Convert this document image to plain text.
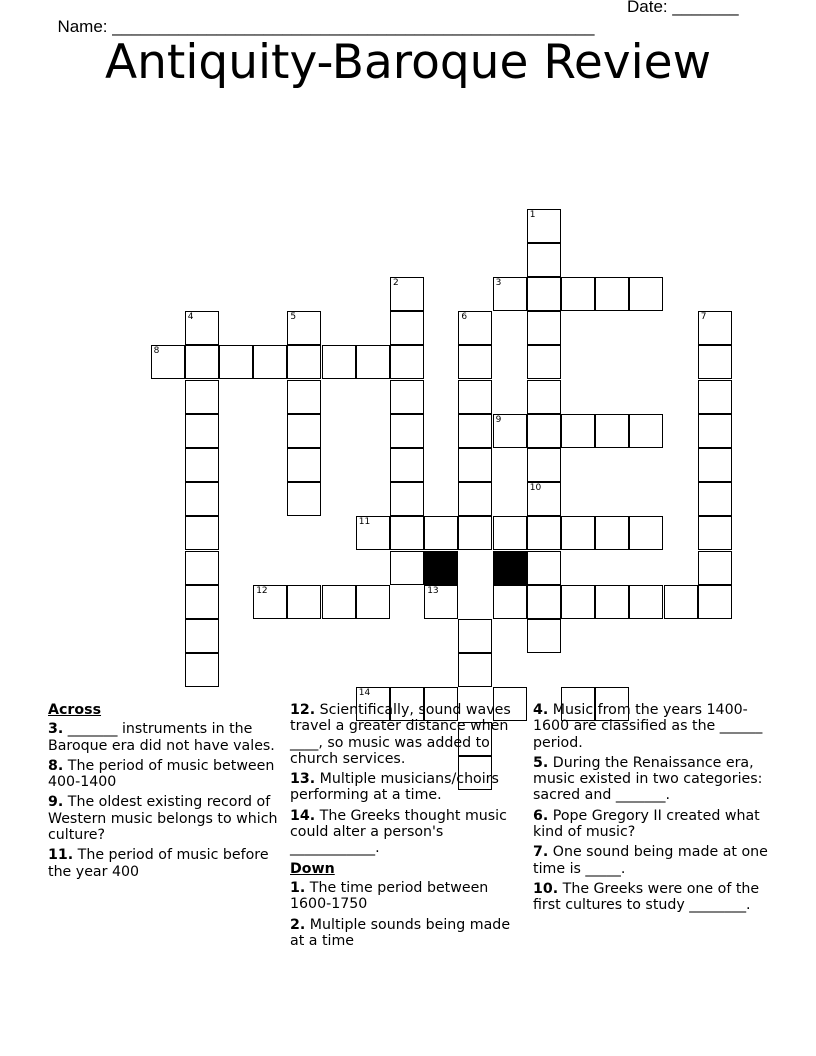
Name: ___________________________________________________

Date: _______

Antiquity-Baroque Review
1
2	3
4	5	6	7
8
9
10
11
12	13
14
Across
3. _______ instruments in the Baroque era did not have vales.
8. The period of music between 400-1400
9. The oldest existing record of Western music belongs to which culture?
11. The period of music before the year 400
12. Scientifically, sound waves travel a greater distance when ____, so music was added to church services.
13. Multiple musicians/choirs performing at a time.
14. The Greeks thought music could alter a person's ____________.
Down
1. The time period between 1600-1750
2. Multiple sounds being made at a time
4. Music from the years 1400-1600 are classified as the ______ period.
5. During the Renaissance era, music existed in two categories: sacred and _______.
6. Pope Gregory II created what kind of music?
7. One sound being made at one time is _____.
10. The Greeks were one of the first cultures to study ________.
